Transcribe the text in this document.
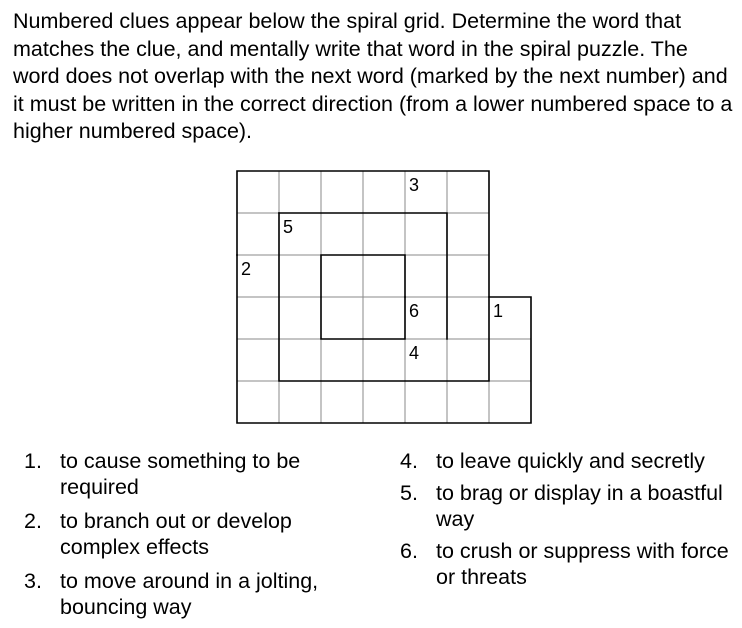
Numbered clues appear below the spiral grid. Determine the word that matches the clue, and mentally write that word in the spiral puzzle. The word does not overlap with the next word (marked by the next number) and it must be written in the correct direction (from a lower numbered space to a higher numbered space).

3
5
2
6	1
4
1. to cause something to be required
2. to branch out or develop complex effects
3. to move around in a jolting, bouncing way
4. to leave quickly and secretly
5. to brag or display in a boastful way
6. to crush or suppress with force or threats
